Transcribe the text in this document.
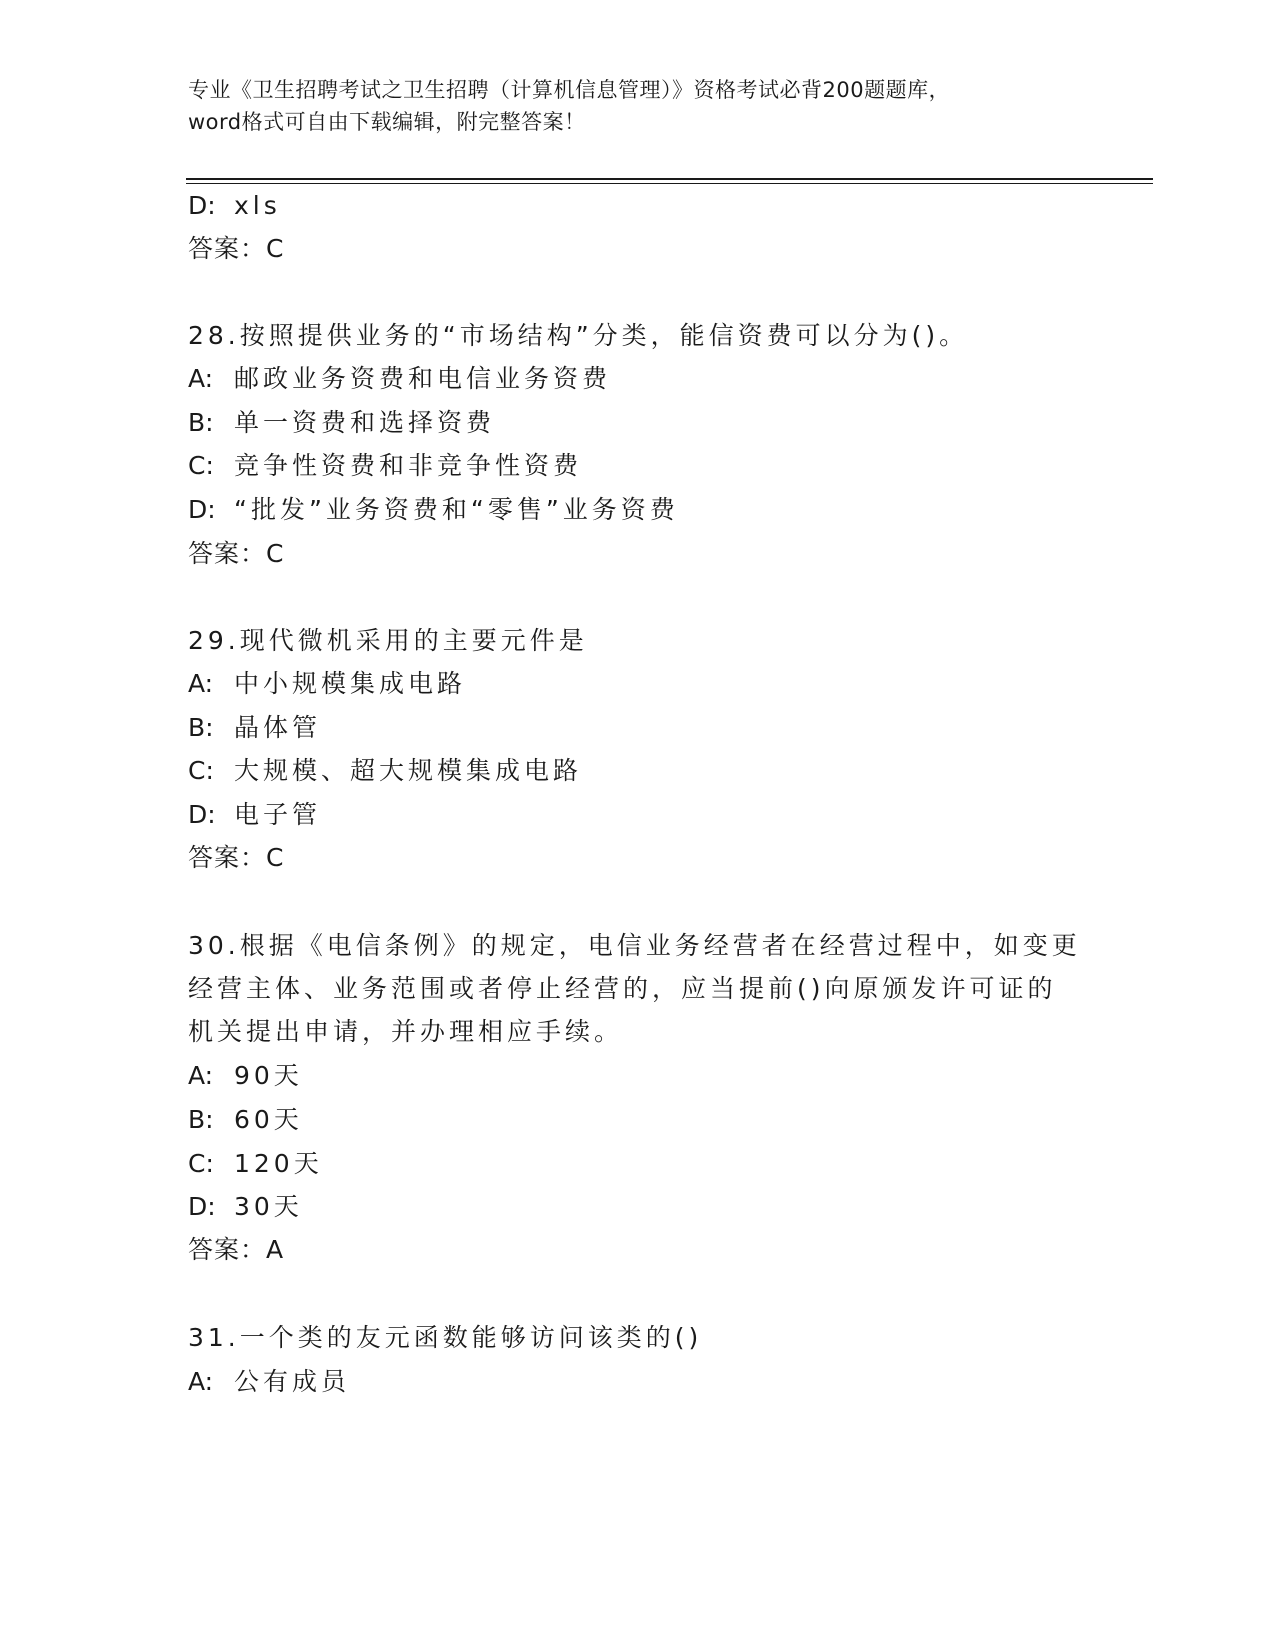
专业《卫生招聘考试之卫生招聘（计算机信息管理）》资格考试必背200题题库，
word格式可自由下载编辑，附完整答案！
D: xls
答案：C
28.按照提供业务的“市场结构”分类，能信资费可以分为()。
A: 邮政业务资费和电信业务资费
B: 单一资费和选择资费
C: 竞争性资费和非竞争性资费
D: “批发”业务资费和“零售”业务资费
答案：C
29.现代微机采用的主要元件是
A: 中小规模集成电路
B: 晶体管
C: 大规模、超大规模集成电路
D: 电子管
答案：C
30.根据《电信条例》的规定，电信业务经营者在经营过程中，如变更
经营主体、业务范围或者停止经营的，应当提前()向原颁发许可证的
机关提出申请，并办理相应手续。
A: 90天
B: 60天
C: 120天
D: 30天
答案：A
31.一个类的友元函数能够访问该类的()
A: 公有成员
